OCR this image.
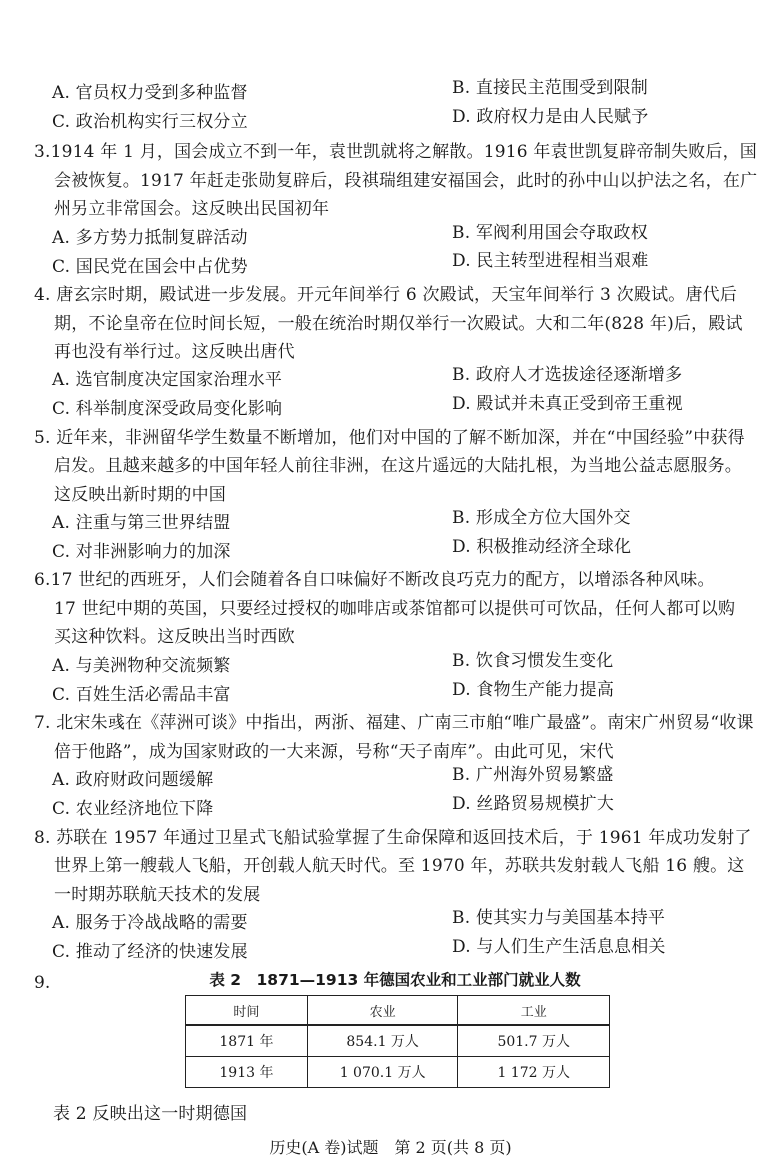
A. 官员权力受到多种监督	B. 直接民主范围受到限制
C. 政治机构实行三权分立	D. 政府权力是由人民赋予
3.1914 年 1 月，国会成立不到一年，袁世凯就将之解散。1916 年袁世凯复辟帝制失败后，国
会被恢复。1917 年赶走张勋复辟后，段祺瑞组建安福国会，此时的孙中山以护法之名，在广
州另立非常国会。这反映出民国初年
A. 多方势力抵制复辟活动	B. 军阀利用国会夺取政权
C. 国民党在国会中占优势	D. 民主转型进程相当艰难
4. 唐玄宗时期，殿试进一步发展。开元年间举行 6 次殿试，天宝年间举行 3 次殿试。唐代后
期，不论皇帝在位时间长短，一般在统治时期仅举行一次殿试。大和二年(828 年)后，殿试
再也没有举行过。这反映出唐代
A. 选官制度决定国家治理水平	B. 政府人才选拔途径逐渐增多
C. 科举制度深受政局变化影响	D. 殿试并未真正受到帝王重视
5. 近年来，非洲留华学生数量不断增加，他们对中国的了解不断加深，并在“中国经验”中获得
启发。且越来越多的中国年轻人前往非洲，在这片遥远的大陆扎根，为当地公益志愿服务。
这反映出新时期的中国
A. 注重与第三世界结盟	B. 形成全方位大国外交
C. 对非洲影响力的加深	D. 积极推动经济全球化
6.17 世纪的西班牙，人们会随着各自口味偏好不断改良巧克力的配方，以增添各种风味。
17 世纪中期的英国，只要经过授权的咖啡店或茶馆都可以提供可可饮品，任何人都可以购
买这种饮料。这反映出当时西欧
A. 与美洲物种交流频繁	B. 饮食习惯发生变化
C. 百姓生活必需品丰富	D. 食物生产能力提高
7. 北宋朱彧在《萍洲可谈》中指出，两浙、福建、广南三市舶“唯广最盛”。南宋广州贸易“收课
倍于他路”，成为国家财政的一大来源，号称“天子南库”。由此可见，宋代
A. 政府财政问题缓解	B. 广州海外贸易繁盛
C. 农业经济地位下降	D. 丝路贸易规模扩大
8. 苏联在 1957 年通过卫星式飞船试验掌握了生命保障和返回技术后，于 1961 年成功发射了
世界上第一艘载人飞船，开创载人航天时代。至 1970 年，苏联共发射载人飞船 16 艘。这
一时期苏联航天技术的发展
A. 服务于冷战战略的需要	B. 使其实力与美国基本持平
C. 推动了经济的快速发展	D. 与人们生产生活息息相关
9.	表 2　1871—1913 年德国农业和工业部门就业人数
时间	农业	工业
1871 年	854.1 万人	501.7 万人
1913 年	1 070.1 万人	1 172 万人
表 2 反映出这一时期德国
历史(A 卷)试题　第 2 页(共 8 页)
